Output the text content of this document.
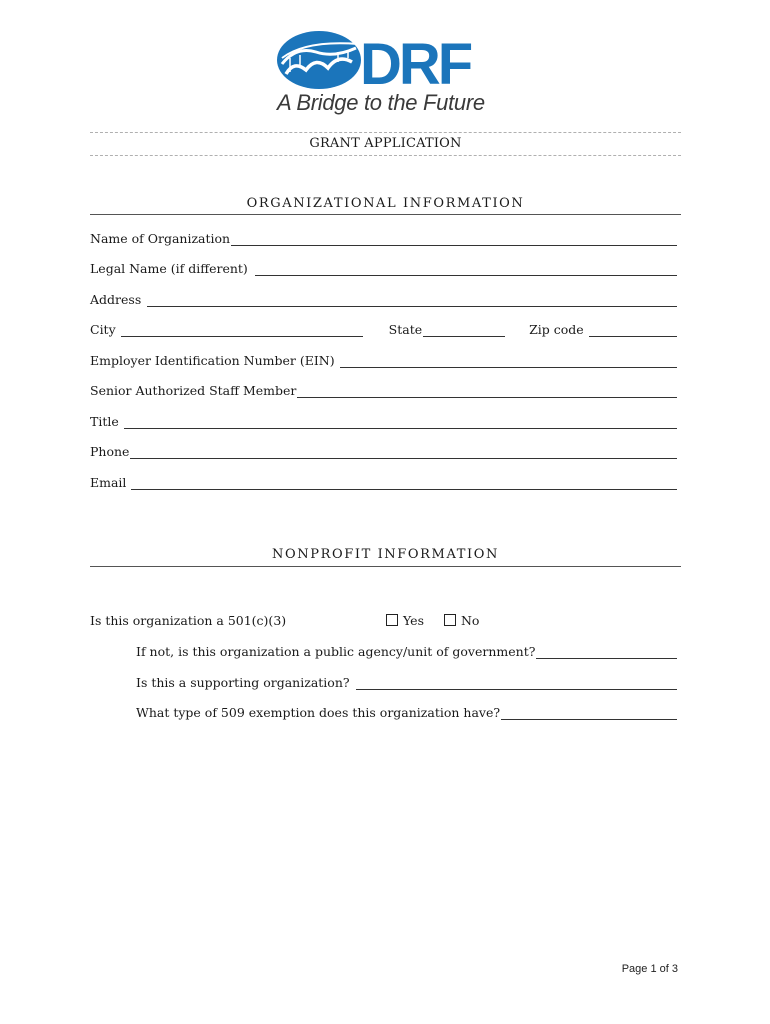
DRF
A Bridge to the Future
GRANT APPLICATION
ORGANIZATIONAL INFORMATION
Name of Organization
Legal Name (if different)
Address
City	State	Zip code
Employer Identification Number (EIN)
Senior Authorized Staff Member
Title
Phone
Email
NONPROFIT INFORMATION
Is this organization a 501(c)(3)	Yes	No
If not, is this organization a public agency/unit of government?
Is this a supporting organization?
What type of 509 exemption does this organization have?
Page 1 of 3
